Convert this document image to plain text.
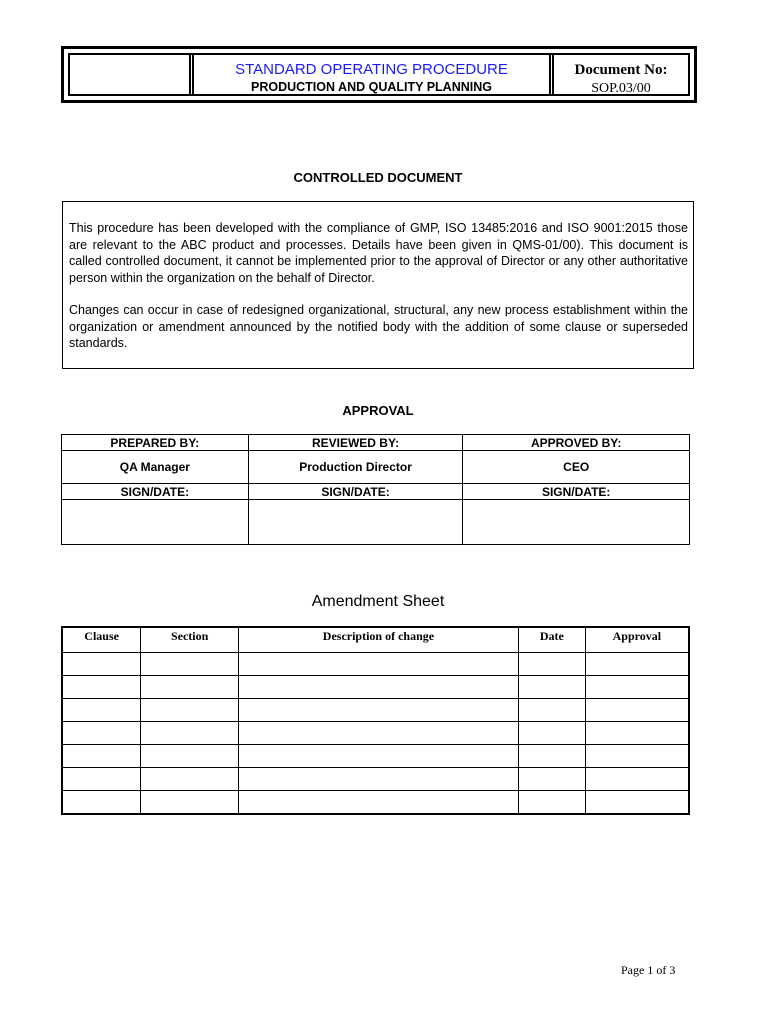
STANDARD OPERATING PROCEDURE
PRODUCTION AND QUALITY PLANNING
Document No:
SOP.03/00
CONTROLLED DOCUMENT

This procedure has been developed with the compliance of GMP, ISO 13485:2016 and ISO 9001:2015 those are relevant to the ABC product and processes. Details have been given in QMS-01/00). This document is called controlled document, it cannot be implemented prior to the approval of Director or any other authoritative person within the organization on the behalf of Director.

Changes can occur in case of redesigned organizational, structural, any new process establishment within the organization or amendment announced by the notified body with the addition of some clause or superseded standards.

APPROVAL
PREPARED BY:	REVIEWED BY:	APPROVED BY:
QA Manager	Production Director	CEO
SIGN/DATE:	SIGN/DATE:	SIGN/DATE:

Amendment Sheet
Clause	Section	Description of change	Date	Approval

Page 1 of 3
